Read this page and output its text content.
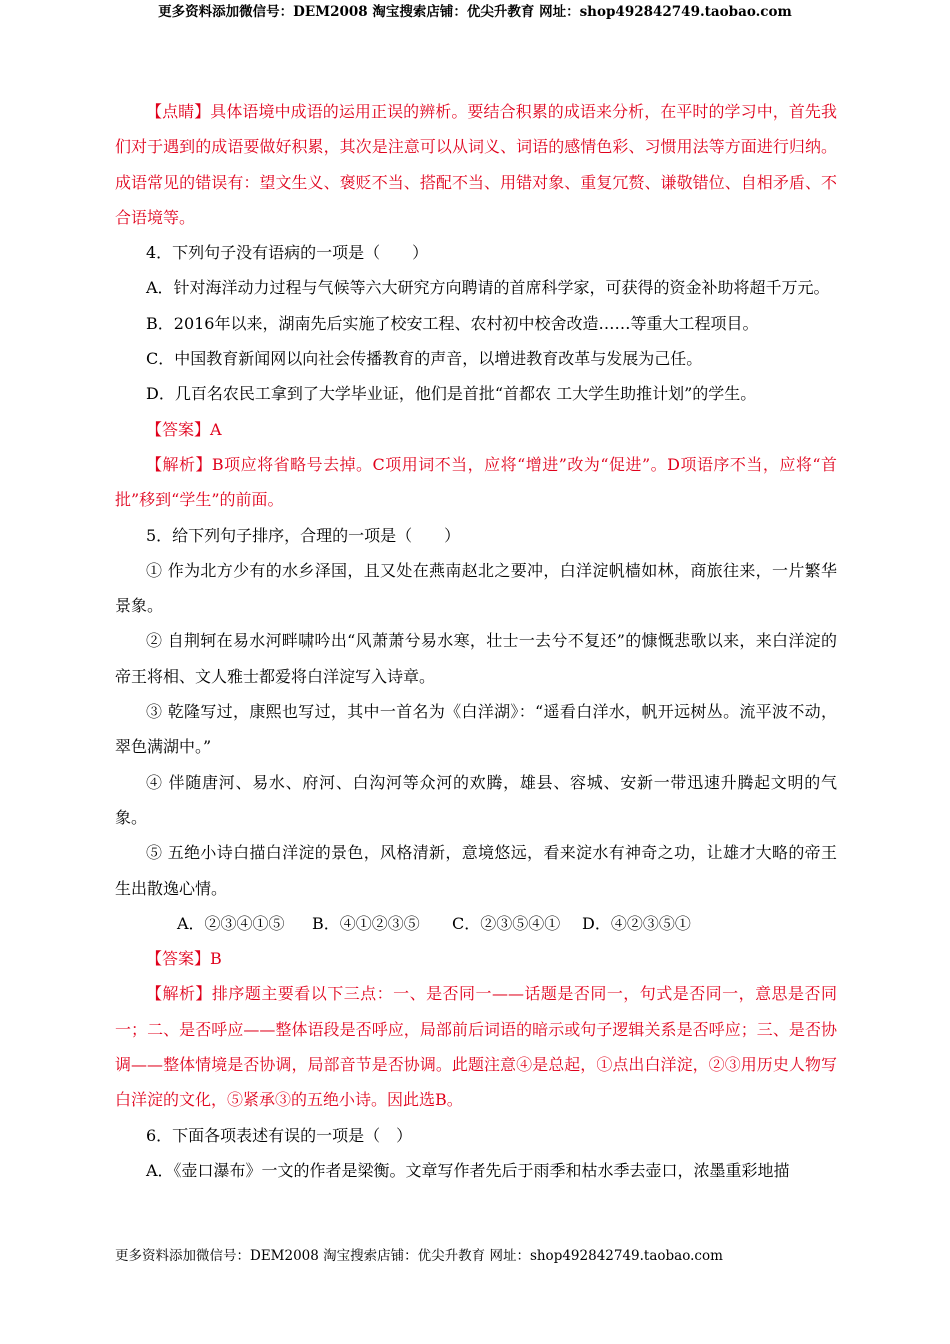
更多资料添加微信号：DEM2008 淘宝搜索店铺：优尖升教育 网址：shop492842749.taobao.com

【点睛】具体语境中成语的运用正误的辨析。要结合积累的成语来分析，在平时的学习中，首先我们对于遇到的成语要做好积累，其次是注意可以从词义、词语的感情色彩、习惯用法等方面进行归纳。成语常见的错误有：望文生义、褒贬不当、搭配不当、用错对象、重复冗赘、谦敬错位、自相矛盾、不合语境等。

4．下列句子没有语病的一项是（　　）

A．针对海洋动力过程与气候等六大研究方向聘请的首席科学家，可获得的资金补助将超千万元。

B．2016年以来，湖南先后实施了校安工程、农村初中校舍改造……等重大工程项目。

C．中国教育新闻网以向社会传播教育的声音，以增进教育改革与发展为己任。

D．几百名农民工拿到了大学毕业证，他们是首批“首都农 工大学生助推计划”的学生。

【答案】A

【解析】B项应将省略号去掉。C项用词不当，应将“增进”改为“促进”。D项语序不当，应将“首批”移到“学生”的前面。

5．给下列句子排序，合理的一项是（　　）

① 作为北方少有的水乡泽国，且又处在燕南赵北之要冲，白洋淀帆樯如林，商旅往来，一片繁华景象。

② 自荆轲在易水河畔啸吟出“风萧萧兮易水寒，壮士一去兮不复还”的慷慨悲歌以来，来白洋淀的帝王将相、文人雅士都爱将白洋淀写入诗章。

③ 乾隆写过，康熙也写过，其中一首名为《白洋湖》：“遥看白洋水，帆开远树丛。流平波不动，翠色满湖中。”

④ 伴随唐河、易水、府河、白沟河等众河的欢腾，雄县、容城、安新一带迅速升腾起文明的气象。

⑤ 五绝小诗白描白洋淀的景色，风格清新，意境悠远，看来淀水有神奇之功，让雄才大略的帝王生出散逸心情。

A．②③④①⑤ B．④①②③⑤ C．②③⑤④① D．④②③⑤①

【答案】B

【解析】排序题主要看以下三点：一、是否同一——话题是否同一，句式是否同一，意思是否同一；二、是否呼应——整体语段是否呼应，局部前后词语的暗示或句子逻辑关系是否呼应；三、是否协调——整体情境是否协调，局部音节是否协调。此题注意④是总起，①点出白洋淀，②③用历史人物写白洋淀的文化，⑤紧承③的五绝小诗。因此选B。

6．下面各项表述有误的一项是（　）

A．《壶口瀑布》一文的作者是梁衡。文章写作者先后于雨季和枯水季去壶口，浓墨重彩地描

更多资料添加微信号：DEM2008 淘宝搜索店铺：优尖升教育 网址：shop492842749.taobao.com
